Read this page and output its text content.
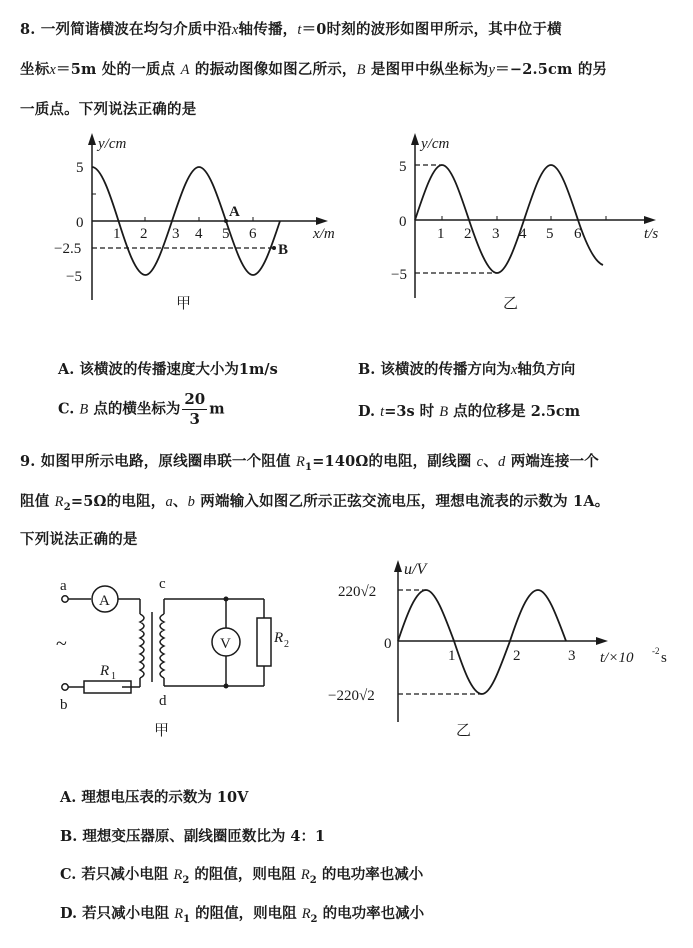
8. 一列简谐横波在均匀介质中沿x轴传播，t＝0时刻的波形如图甲所示，其中位于横
坐标x＝5m 处的一质点 A 的振动图像如图乙所示，B 是图甲中纵坐标为y＝−2.5cm 的另
一质点。下列说法正确的是
y/cm
5
0
−2.5
−5
1 2 3 4 5 6	x/m
A
B
甲
y/cm
5
0
−5
1 2 3 4 5 6	t/s
乙
A. 该横波的传播速度大小为1m/s	B. 该横波的传播方向为x轴负方向
C. B 点的横坐标为 $\frac{20}{3}$ m	D. t=3s 时 B 点的位移是 2.5cm
9. 如图甲所示电路，原线圈串联一个阻值 $R_1=140\Omega$的电阻，副线圈 c、d 两端连接一个
阻值 $R_2=5\Omega$的电阻，a、b 两端输入如图乙所示正弦交流电压，理想电流表的示数为 1A。
下列说法正确的是
a
b
c
d
A
V
~
R 1
R 2
甲
u/V
220√2
0
−220√2
1	2	3 t/×10 -2 s
乙
A. 理想电压表的示数为 10V
B. 理想变压器原、副线圈匝数比为 4：1
C. 若只减小电阻 $R_2$ 的阻值，则电阻 $R_2$ 的电功率也减小
D. 若只减小电阻 $R_1$ 的阻值，则电阻 $R_2$ 的电功率也减小
